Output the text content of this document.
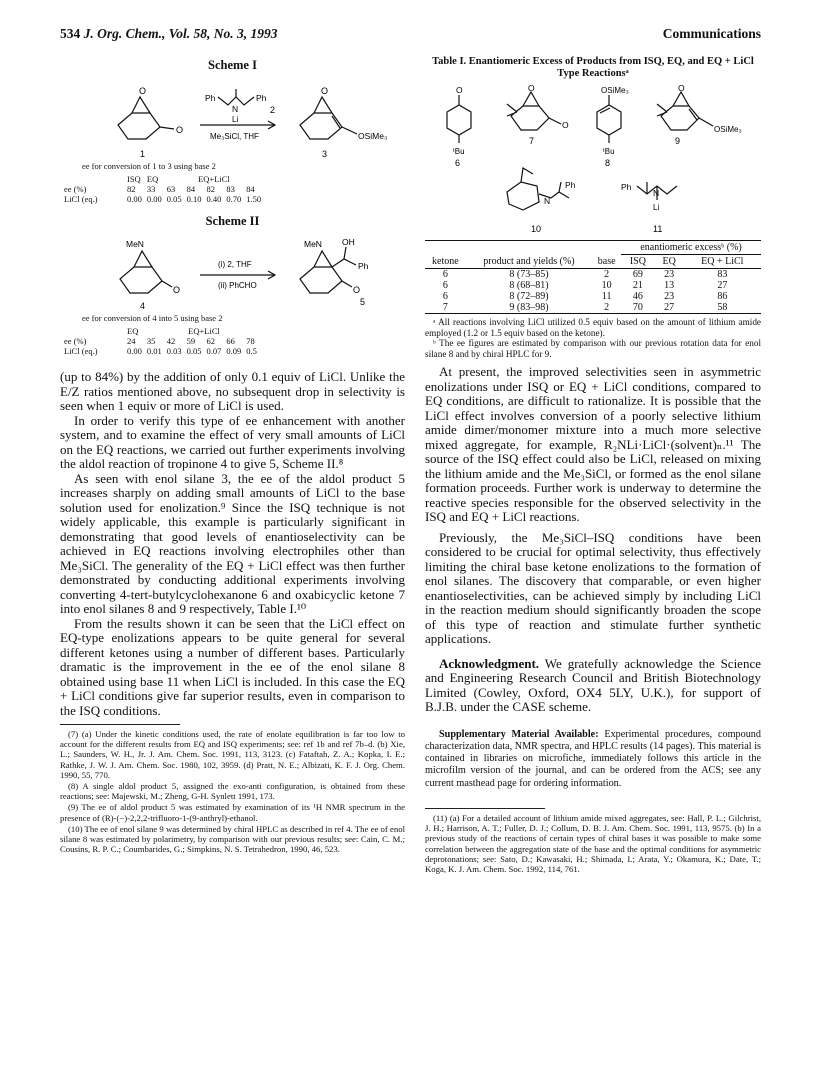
534 J. Org. Chem., Vol. 58, No. 3, 1993	Communications
Scheme I
O
O
O
Ph
N
Ph
Li
2
Me₃SiCl, THF	OSiMe₃
1	3
ee for conversion of 1 to 3 using base 2
	ISQ	EQ		EQ+LiCl			
ee (%)	82	33	63	84	82	83	84
LiCl (eq.)	0.00	0.00	0.05	0.10	0.40	0.70	1.50
Scheme II
MeN
O
(i) 2, THF
(ii) PhCHO
MeN OH
Ph
O
4	5
ee for conversion of 4 into 5 using base 2
	EQ			EQ+LiCl			
ee (%)	24	35	42	59	62	66	78
LiCl (eq.)	0.00	0.01	0.03	0.05	0.07	0.09	0.5

(up to 84%) by the addition of only 0.1 equiv of LiCl. Unlike the E/Z ratios mentioned above, no subsequent drop in selectivity is seen when 1 equiv or more of LiCl is used.

In order to verify this type of ee enhancement with another system, and to examine the effect of very small amounts of LiCl on the EQ reactions, we carried out further experiments involving the aldol reaction of tropinone 4 to give 5, Scheme II.⁸

As seen with enol silane 3, the ee of the aldol product 5 increases sharply on adding small amounts of LiCl to the base solution used for enolization.⁹ Since the ISQ technique is not widely applicable, this example is particularly significant in demonstrating that good levels of enantioselectivity can be achieved in EQ reactions involving electrophiles other than Me₃SiCl. The generality of the EQ + LiCl effect was then further demonstrated by conducting additional experiments involving converting 4-tert-butylcyclohexanone 6 and oxabicyclic ketone 7 into enol silanes 8 and 9 respectively, Table I.¹⁰

From the results shown it can be seen that the LiCl effect on EQ-type enolizations appears to be quite general for several different ketones using a number of different bases. Particularly dramatic is the improvement in the ee of the enol silane 8 obtained using base 11 when LiCl is included. In this case the EQ + LiCl conditions give far superior results, even in comparison to the ISQ conditions.

(7) (a) Under the kinetic conditions used, the rate of enolate equilibration is far too low to account for the different results from EQ and ISQ experiments; see: ref 1b and ref 7b–d. (b) Xie, L.; Saunders, W. H., Jr. J. Am. Chem. Soc. 1991, 113, 3123. (c) Fataftah, Z. A.; Kopka, I. E.; Rathke, J. W. J. Am. Chem. Soc. 1980, 102, 3959. (d) Pratt, N. E.; Albizati, K. F. J. Org. Chem. 1990, 55, 770.

(8) A single aldol product 5, assigned the exo-anti configuration, is obtained from these reactions; see: Majewski, M.; Zheng, G-H. Synlett 1991, 173.

(9) The ee of aldol product 5 was estimated by examination of its ¹H NMR spectrum in the presence of (R)-(−)-2,2,2-trifluoro-1-(9-anthryl)-ethanol.

(10) The ee of enol silane 9 was determined by chiral HPLC as described in ref 4. The ee of enol silane 8 was estimated by polarimetry, by comparison with our previous results; see: Cain, C. M.; Cousins, R. P. C.; Coumbarides, G.; Simpkins, N. S. Tetrahedron, 1990, 46, 523.

Table I. Enantiomeric Excess of Products from ISQ, EQ, and EQ + LiCl Type Reactionsᵃ
O
ᵗBu
6
O
O
7
OSiMe₃
ᵗBu
8
O
OSiMe₃
9
N
Ph
10
Ph
N
Li
11
ketone	product and yields (%)	base	enantiomeric excessᵇ (%)		
			ISQ	EQ	EQ + LiCl
6	8 (73–85)	2	69	23	83
6	8 (68–81)	10	21	13	27
6	8 (72–89)	11	46	23	86
7	9 (83–98)	2	70	27	58

ᵃ All reactions involving LiCl utilized 0.5 equiv based on the amount of lithium amide employed (1.2 or 1.5 equiv based on the ketone).

ᵇ The ee figures are estimated by comparison with our previous rotation data for enol silane 8 and by chiral HPLC for 9.

At present, the improved selectivities seen in asymmetric enolizations under ISQ or EQ + LiCl conditions, compared to EQ conditions, are difficult to rationalize. It is possible that the LiCl effect involves conversion of a poorly selective lithium amide dimer/monomer mixture into a much more selective mixed aggregate, for example, R₂NLi·LiCl·(solvent)ₙ.¹¹ The source of the ISQ effect could also be LiCl, released on mixing the lithium amide and the Me₃SiCl, or formed as the enol silane formation proceeds. Further work is underway to determine the reactive species responsible for the observed selectivity in the ISQ and EQ + LiCl reactions.

Previously, the Me₃SiCl–ISQ conditions have been considered to be crucial for optimal selectivity, thus effectively limiting the chiral base ketone enolizations to the formation of enol silanes. The discovery that comparable, or even higher enantioselectivities, can be achieved simply by including LiCl in the reaction medium should significantly broaden the scope of this type of reaction and stimulate further synthetic applications.

Acknowledgment. We gratefully acknowledge the Science and Engineering Research Council and British Biotechnology Limited (Cowley, Oxford, OX4 5LY, U.K.), for support of B.J.B. under the CASE scheme.
Supplementary Material Available: Experimental procedures, compound characterization data, NMR spectra, and HPLC results (14 pages). This material is contained in libraries on microfiche, immediately follows this article in the microfilm version of the journal, and can be ordered from the ACS; see any current masthead page for ordering information.

(11) (a) For a detailed account of lithium amide mixed aggregates, see: Hall, P. L.; Gilchrist, J. H.; Harrison, A. T.; Fuller, D. J.; Collum, D. B. J. Am. Chem. Soc. 1991, 113, 9575. (b) In a previous study of the reactions of certain types of chiral bases it was possible to make some correlation between the aggregation state of the base and the optimal conditions for asymmetric deprotonations; see: Sato, D.; Kawasaki, H.; Shimada, I.; Arata, Y.; Okamura, K.; Date, T.; Koga, K. J. Am. Chem. Soc. 1992, 114, 761.
